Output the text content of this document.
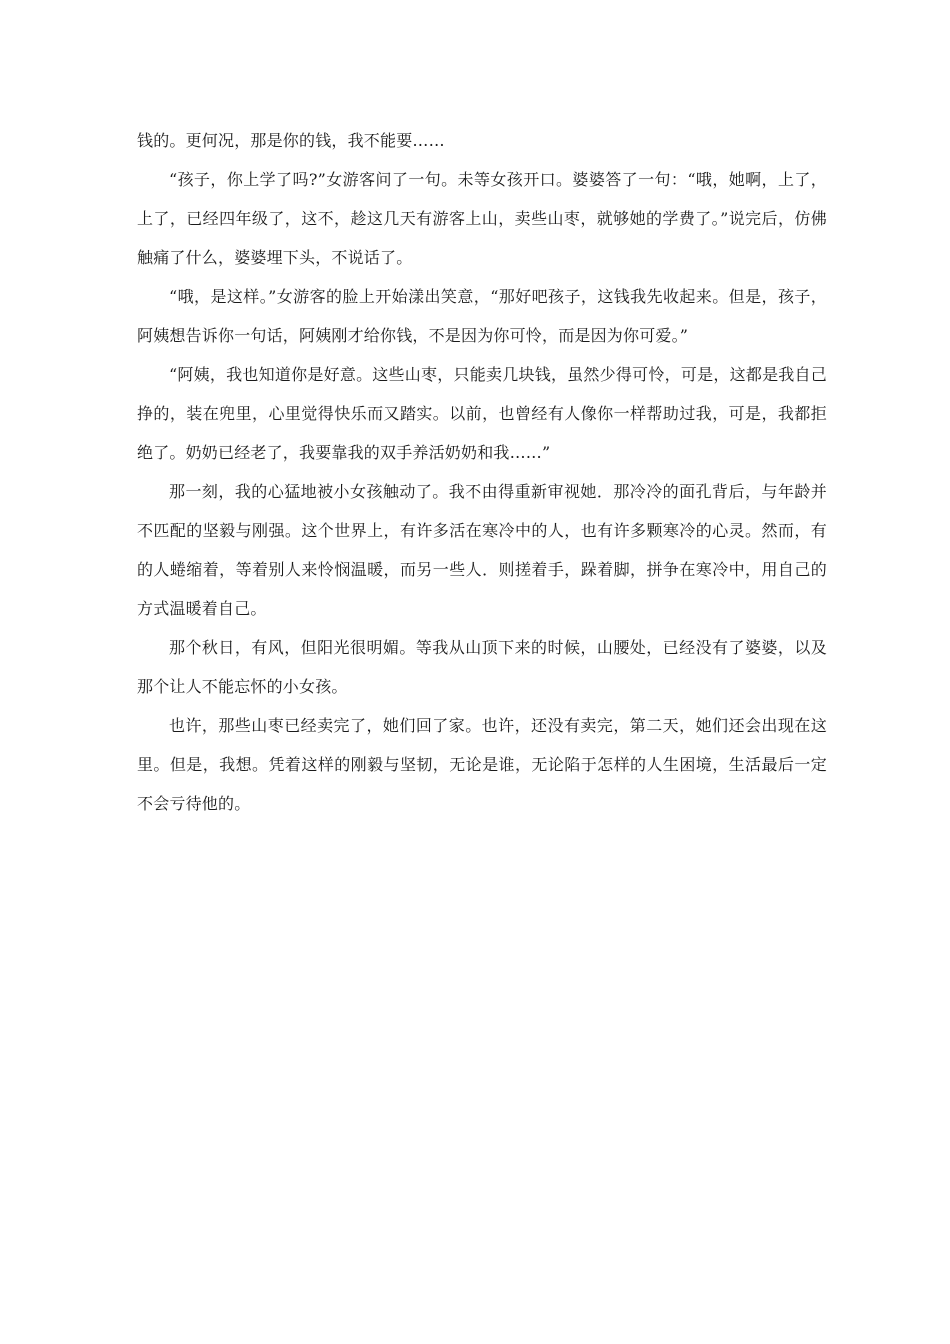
钱的。更何况，那是你的钱，我不能要……

“孩子，你上学了吗?”女游客问了一句。未等女孩开口。婆婆答了一句：“哦，她啊，上了，上了，已经四年级了，这不，趁这几天有游客上山，卖些山枣，就够她的学费了。”说完后，仿佛触痛了什么，婆婆埋下头，不说话了。

“哦，是这样。”女游客的脸上开始漾出笑意，“那好吧孩子，这钱我先收起来。但是，孩子，阿姨想告诉你一句话，阿姨刚才给你钱，不是因为你可怜，而是因为你可爱。”

“阿姨，我也知道你是好意。这些山枣，只能卖几块钱，虽然少得可怜，可是，这都是我自己挣的，装在兜里，心里觉得快乐而又踏实。以前，也曾经有人像你一样帮助过我，可是，我都拒绝了。奶奶已经老了，我要靠我的双手养活奶奶和我……”

那一刻，我的心猛地被小女孩触动了。我不由得重新审视她．那冷冷的面孔背后，与年龄并不匹配的坚毅与刚强。这个世界上，有许多活在寒冷中的人，也有许多颗寒冷的心灵。然而，有的人蜷缩着，等着别人来怜悯温暖，而另一些人．则搓着手，跺着脚，拼争在寒冷中，用自己的方式温暖着自己。

那个秋日，有风，但阳光很明媚。等我从山顶下来的时候，山腰处，已经没有了婆婆，以及那个让人不能忘怀的小女孩。

也许，那些山枣已经卖完了，她们回了家。也许，还没有卖完，第二天，她们还会出现在这里。但是，我想。凭着这样的刚毅与坚韧，无论是谁，无论陷于怎样的人生困境，生活最后一定不会亏待他的。
